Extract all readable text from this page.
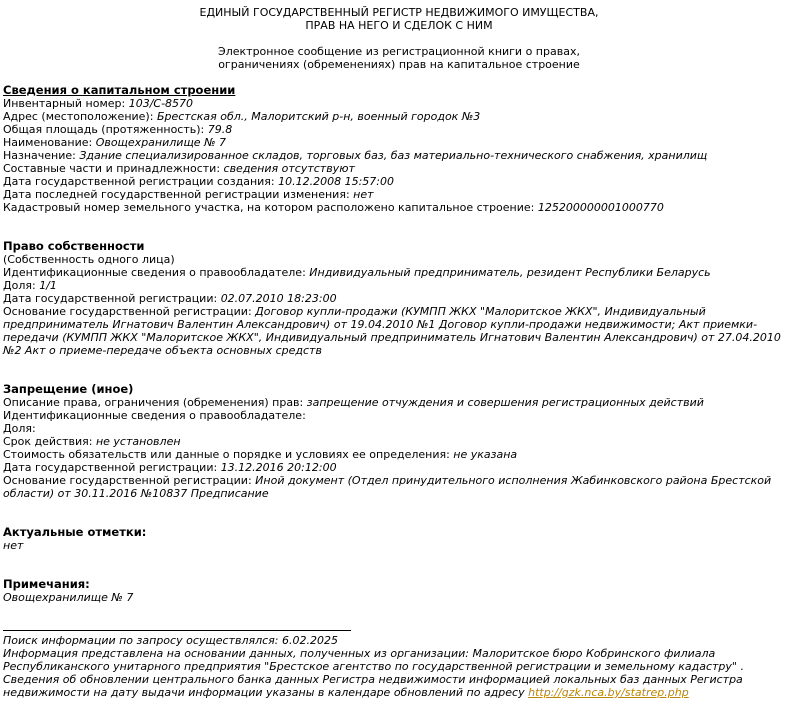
ЕДИНЫЙ ГОСУДАРСТВЕННЫЙ РЕГИСТР НЕДВИЖИМОГО ИМУЩЕСТВА,
ПРАВ НА НЕГО И СДЕЛОК С НИМ
Электронное сообщение из регистрационной книги о правах,
ограничениях (обременениях) прав на капитальное строение
Сведения о капитальном строении
Инвентарный номер: 103/C-8570
Адрес (местоположение): Брестская обл., Малоритский р-н, военный городок №3
Общая площадь (протяженность): 79.8
Наименование: Овощехранилище № 7
Назначение: Здание специализированное складов, торговых баз, баз материально-технического снабжения, хранилищ
Составные части и принадлежности: сведения отсутствуют
Дата государственной регистрации создания: 10.12.2008 15:57:00
Дата последней государственной регистрации изменения: нет
Кадастровый номер земельного участка, на котором расположено капитальное строение: 125200000001000770
Право собственности
(Собственность одного лица)
Идентификационные сведения о правообладателе: Индивидуальный предприниматель, резидент Республики Беларусь
Доля: 1/1
Дата государственной регистрации: 02.07.2010 18:23:00
Основание государственной регистрации: Договор купли-продажи (КУМПП ЖКХ "Малоритское ЖКХ", Индивидуальный предприниматель Игнатович Валентин Александрович) от 19.04.2010 №1 Договор купли-продажи недвижимости; Акт приемки-передачи (КУМПП ЖКХ "Малоритское ЖКХ", Индивидуальный предприниматель Игнатович Валентин Александрович) от 27.04.2010 №2 Акт о приеме-передаче объекта основных средств
Запрещение (иное)
Описание права, ограничения (обременения) прав: запрещение отчуждения и совершения регистрационных действий
Идентификационные сведения о правообладателе:
Доля:
Срок действия: не установлен
Стоимость обязательств или данные о порядке и условиях ее определения: не указана
Дата государственной регистрации: 13.12.2016 20:12:00
Основание государственной регистрации: Иной документ (Отдел принудительного исполнения Жабинковского района Брестской области) от 30.11.2016 №10837 Предписание
Актуальные отметки:
нет
Примечания:
Овощехранилище № 7
Поиск информации по запросу осуществлялся: 6.02.2025
Информация представлена на основании данных, полученных из организации: Малоритское бюро Кобринского филиала Республиканского унитарного предприятия "Брестское агентство по государственной регистрации и земельному кадастру" .
Сведения об обновлении центрального банка данных Регистра недвижимости информацией локальных баз данных Регистра недвижимости на дату выдачи информации указаны в календаре обновлений по адресу http://gzk.nca.by/statrep.php
